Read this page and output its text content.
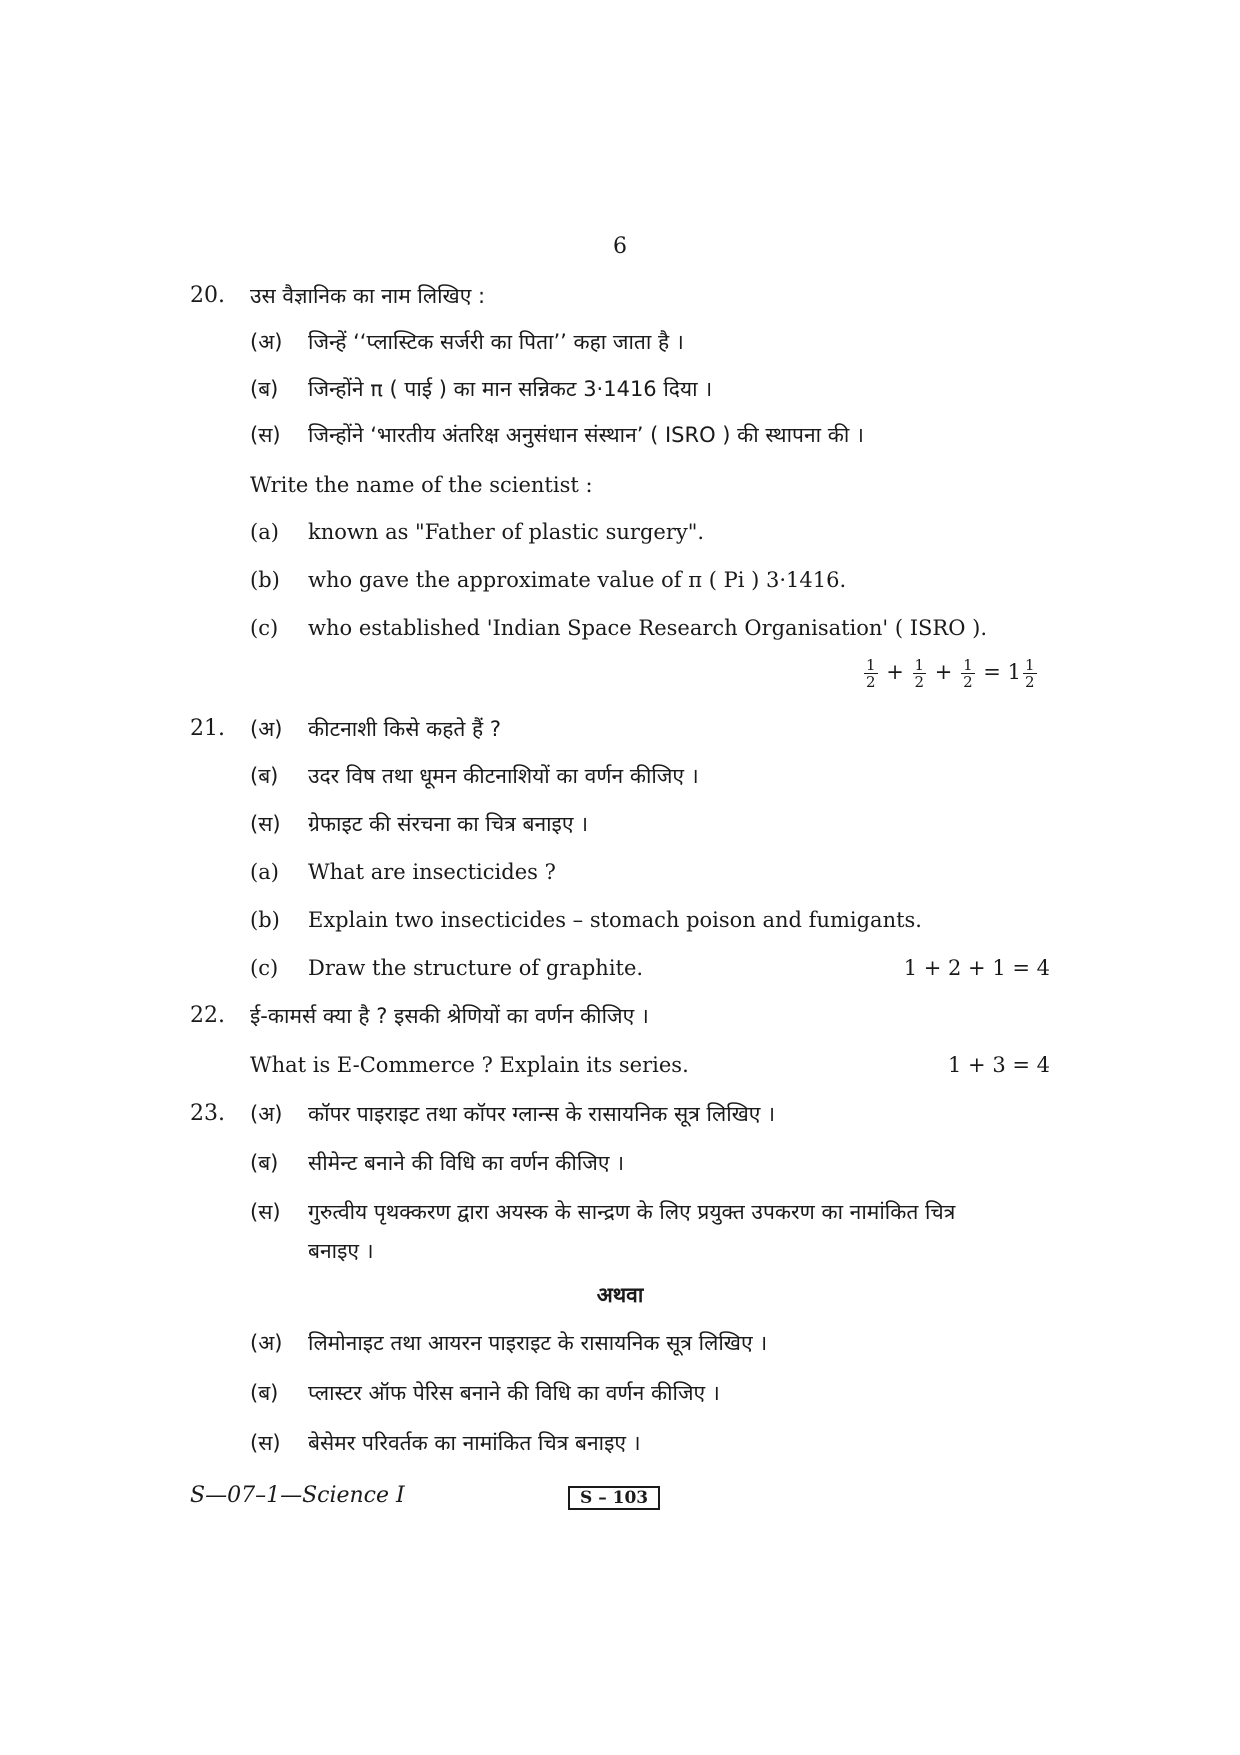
6
20. उस वैज्ञानिक का नाम लिखिए :
(अ) जिन्हें ‘‘प्लास्टिक सर्जरी का पिता’’ कहा जाता है ।
(ब) जिन्होंने π ( पाई ) का मान सन्निकट 3·1416 दिया ।
(स) जिन्होंने ‘भारतीय अंतरिक्ष अनुसंधान संस्थान’ ( ISRO ) की स्थापना की ।
Write the name of the scientist :
(a) known as "Father of plastic surgery".
(b) who gave the approximate value of π ( Pi ) 3·1416.
(c) who established 'Indian Space Research Organisation' ( ISRO ).
$\frac{1}{2} + \frac{1}{2} + \frac{1}{2} = 1 \frac{1}{2}$
21. (अ) कीटनाशी किसे कहते हैं ?
(ब) उदर विष तथा धूमन कीटनाशियों का वर्णन कीजिए ।
(स) ग्रेफाइट की संरचना का चित्र बनाइए ।
(a) What are insecticides ?
(b) Explain two insecticides – stomach poison and fumigants.
(c) Draw the structure of graphite.	1 + 2 + 1 = 4
22. ई-कामर्स क्या है ? इसकी श्रेणियों का वर्णन कीजिए ।
What is E-Commerce ? Explain its series.	1 + 3 = 4
23. (अ) कॉपर पाइराइट तथा कॉपर ग्लान्स के रासायनिक सूत्र लिखिए ।
(ब) सीमेन्ट बनाने की विधि का वर्णन कीजिए ।
(स) गुरुत्वीय पृथक्करण द्वारा अयस्क के सान्द्रण के लिए प्रयुक्त उपकरण का नामांकित चित्र
बनाइए ।
अथवा
(अ) लिमोनाइट तथा आयरन पाइराइट के रासायनिक सूत्र लिखिए ।
(ब) प्लास्टर ऑफ पेरिस बनाने की विधि का वर्णन कीजिए ।
(स) बेसेमर परिवर्तक का नामांकित चित्र बनाइए ।
S—07–1—Science I	S – 103
